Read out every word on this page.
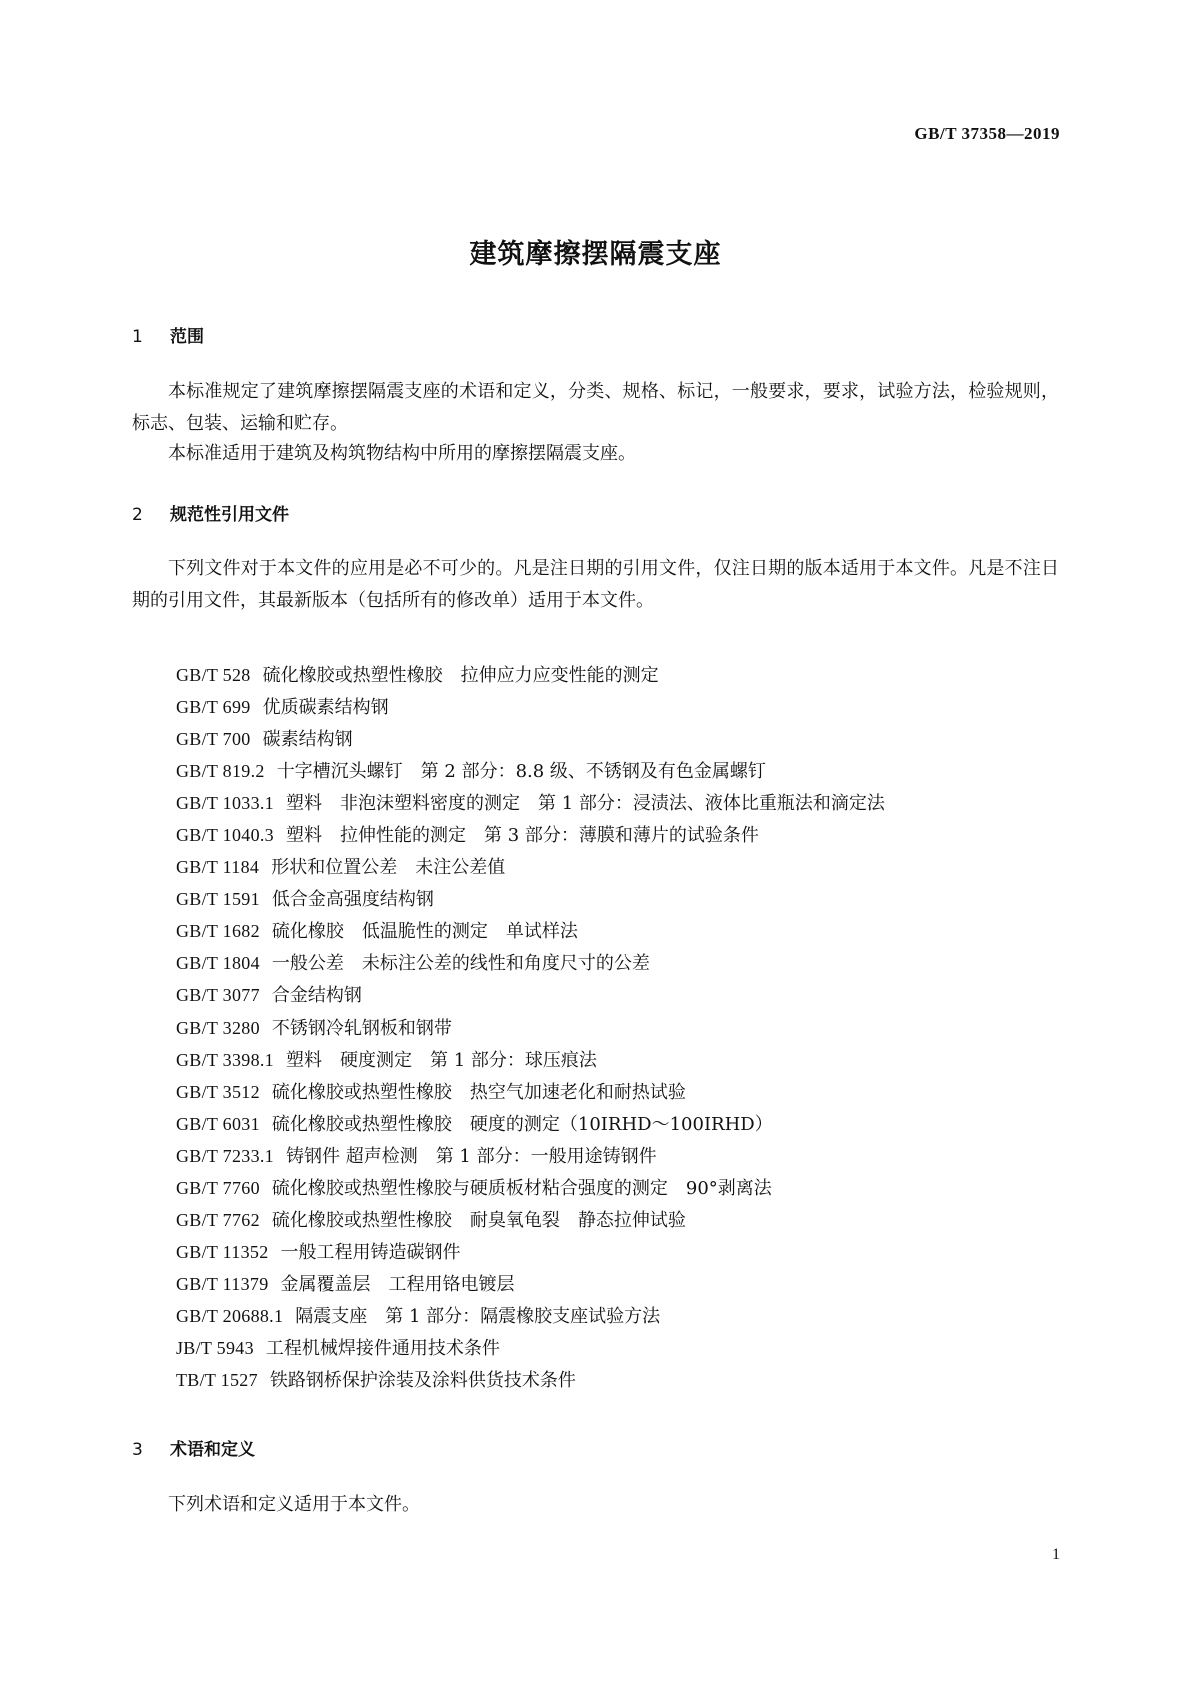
GB/T 37358—2019
建筑摩擦摆隔震支座
1 范围
本标准规定了建筑摩擦摆隔震支座的术语和定义，分类、规格、标记，一般要求，要求，试验方法，检验规则，标志、包装、运输和贮存。
本标准适用于建筑及构筑物结构中所用的摩擦摆隔震支座。
2 规范性引用文件
下列文件对于本文件的应用是必不可少的。凡是注日期的引用文件，仅注日期的版本适用于本文件。凡是不注日期的引用文件，其最新版本（包括所有的修改单）适用于本文件。
GB/T 528 硫化橡胶或热塑性橡胶　拉伸应力应变性能的测定
GB/T 699 优质碳素结构钢
GB/T 700 碳素结构钢
GB/T 819.2 十字槽沉头螺钉　第 2 部分：8.8 级、不锈钢及有色金属螺钉
GB/T 1033.1 塑料　非泡沫塑料密度的测定　第 1 部分：浸渍法、液体比重瓶法和滴定法
GB/T 1040.3 塑料　拉伸性能的测定　第 3 部分：薄膜和薄片的试验条件
GB/T 1184 形状和位置公差　未注公差值
GB/T 1591 低合金高强度结构钢
GB/T 1682 硫化橡胶　低温脆性的测定　单试样法
GB/T 1804 一般公差　未标注公差的线性和角度尺寸的公差
GB/T 3077 合金结构钢
GB/T 3280 不锈钢冷轧钢板和钢带
GB/T 3398.1 塑料　硬度测定　第 1 部分：球压痕法
GB/T 3512 硫化橡胶或热塑性橡胶　热空气加速老化和耐热试验
GB/T 6031 硫化橡胶或热塑性橡胶　硬度的测定（10IRHD～100IRHD）
GB/T 7233.1 铸钢件 超声检测　第 1 部分：一般用途铸钢件
GB/T 7760 硫化橡胶或热塑性橡胶与硬质板材粘合强度的测定　90°剥离法
GB/T 7762 硫化橡胶或热塑性橡胶　耐臭氧龟裂　静态拉伸试验
GB/T 11352 一般工程用铸造碳钢件
GB/T 11379 金属覆盖层　工程用铬电镀层
GB/T 20688.1 隔震支座　第 1 部分：隔震橡胶支座试验方法
JB/T 5943 工程机械焊接件通用技术条件
TB/T 1527 铁路钢桥保护涂装及涂料供货技术条件
3 术语和定义
下列术语和定义适用于本文件。
1
